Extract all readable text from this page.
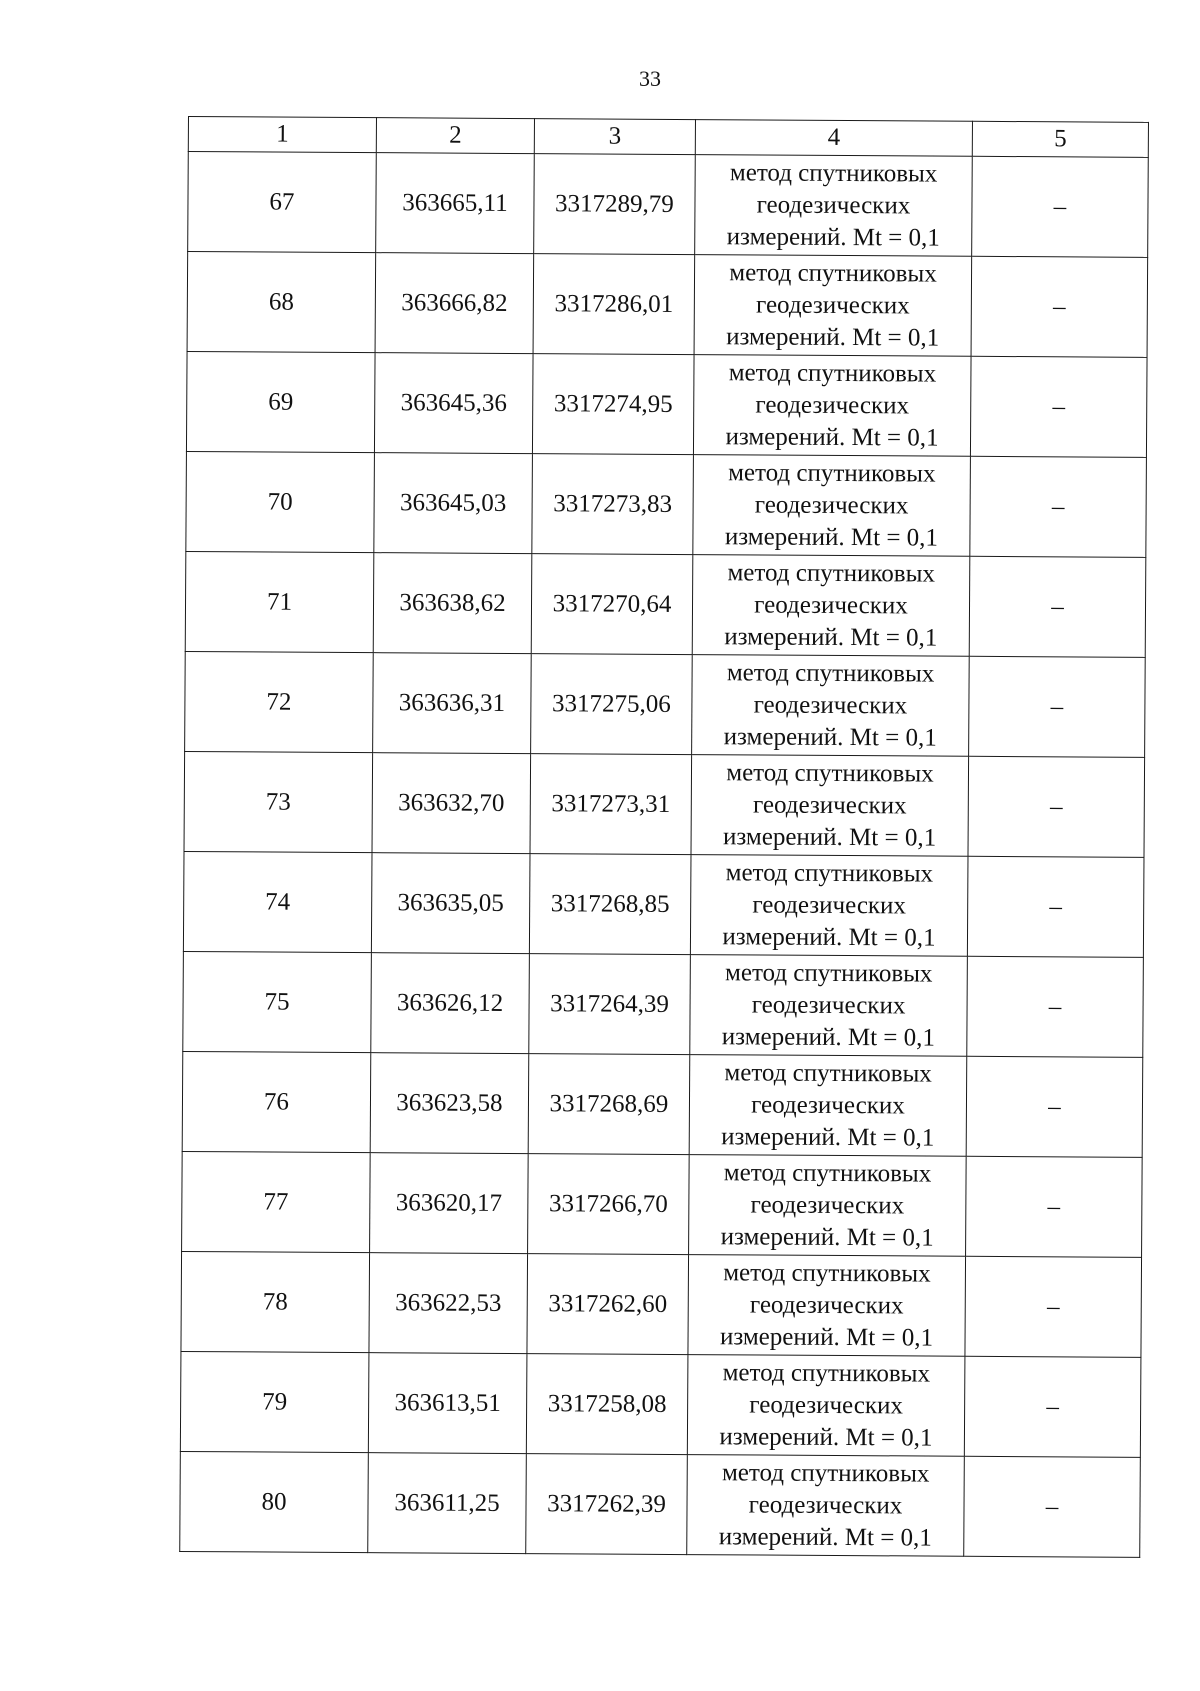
33
1	2	3	4	5
67	363665,11	3317289,79	метод спутниковых геодезических измерений. Mt = 0,1	–
68	363666,82	3317286,01	метод спутниковых геодезических измерений. Mt = 0,1	–
69	363645,36	3317274,95	метод спутниковых геодезических измерений. Mt = 0,1	–
70	363645,03	3317273,83	метод спутниковых геодезических измерений. Mt = 0,1	–
71	363638,62	3317270,64	метод спутниковых геодезических измерений. Mt = 0,1	–
72	363636,31	3317275,06	метод спутниковых геодезических измерений. Mt = 0,1	–
73	363632,70	3317273,31	метод спутниковых геодезических измерений. Mt = 0,1	–
74	363635,05	3317268,85	метод спутниковых геодезических измерений. Mt = 0,1	–
75	363626,12	3317264,39	метод спутниковых геодезических измерений. Mt = 0,1	–
76	363623,58	3317268,69	метод спутниковых геодезических измерений. Mt = 0,1	–
77	363620,17	3317266,70	метод спутниковых геодезических измерений. Mt = 0,1	–
78	363622,53	3317262,60	метод спутниковых геодезических измерений. Mt = 0,1	–
79	363613,51	3317258,08	метод спутниковых геодезических измерений. Mt = 0,1	–
80	363611,25	3317262,39	метод спутниковых геодезических измерений. Mt = 0,1	–
